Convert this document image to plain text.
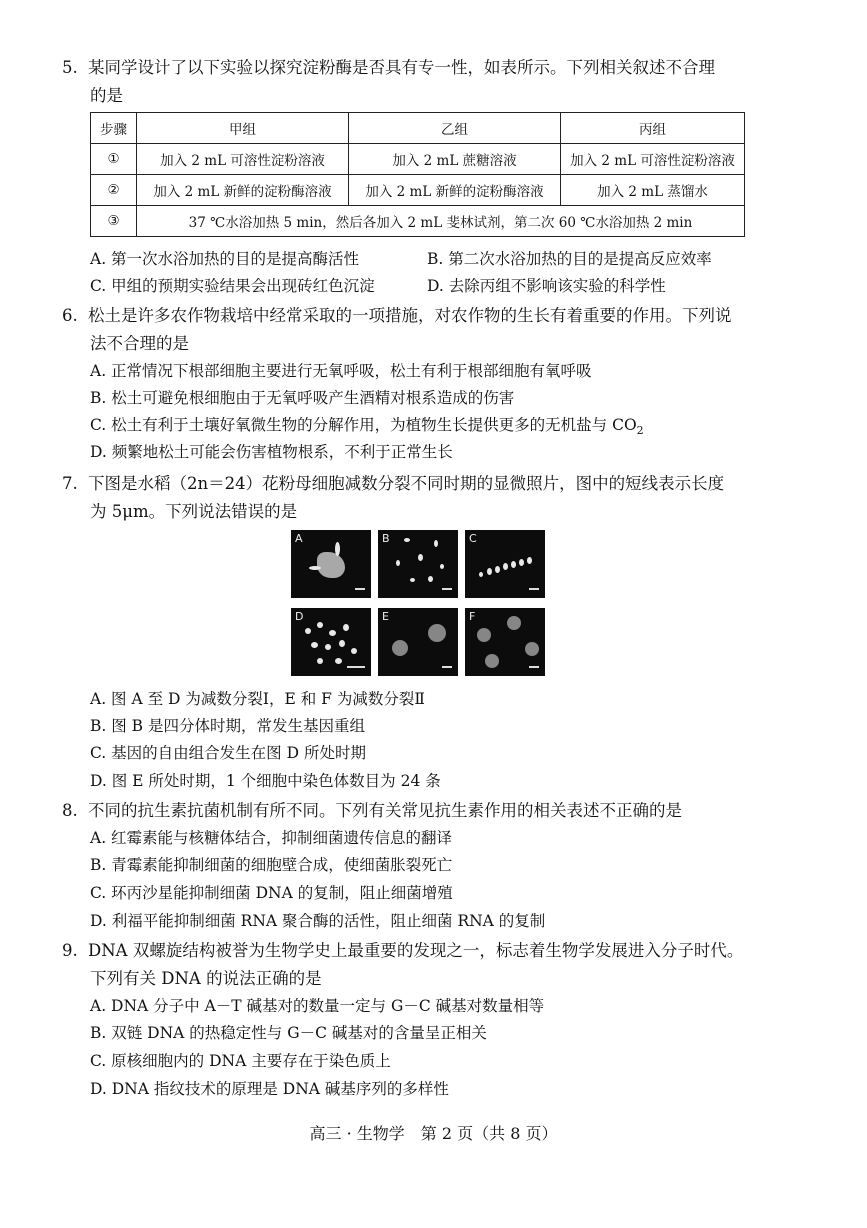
5. 某同学设计了以下实验以探究淀粉酶是否具有专一性，如表所示。下列相关叙述不合理
的是
步骤	甲组	乙组	丙组
①	加入 2 mL 可溶性淀粉溶液	加入 2 mL 蔗糖溶液	加入 2 mL 可溶性淀粉溶液
②	加入 2 mL 新鲜的淀粉酶溶液	加入 2 mL 新鲜的淀粉酶溶液	加入 2 mL 蒸馏水
③	37 ℃水浴加热 5 min，然后各加入 2 mL 斐林试剂，第二次 60 ℃水浴加热 2 min		
A. 第一次水浴加热的目的是提高酶活性	B. 第二次水浴加热的目的是提高反应效率
C. 甲组的预期实验结果会出现砖红色沉淀	D. 去除丙组不影响该实验的科学性
6. 松土是许多农作物栽培中经常采取的一项措施，对农作物的生长有着重要的作用。下列说
法不合理的是
A. 正常情况下根部细胞主要进行无氧呼吸，松土有利于根部细胞有氧呼吸
B. 松土可避免根细胞由于无氧呼吸产生酒精对根系造成的伤害
C. 松土有利于土壤好氧微生物的分解作用，为植物生长提供更多的无机盐与 $CO_2$
D. 频繁地松土可能会伤害植物根系，不利于正常生长
7. 下图是水稻（2n＝24）花粉母细胞减数分裂不同时期的显微照片，图中的短线表示长度
为 5μm。下列说法错误的是
A	B	C
D	E	F
A. 图 A 至 D 为减数分裂Ⅰ，E 和 F 为减数分裂Ⅱ
B. 图 B 是四分体时期，常发生基因重组
C. 基因的自由组合发生在图 D 所处时期
D. 图 E 所处时期，1 个细胞中染色体数目为 24 条
8. 不同的抗生素抗菌机制有所不同。下列有关常见抗生素作用的相关表述不正确的是
A. 红霉素能与核糖体结合，抑制细菌遗传信息的翻译
B. 青霉素能抑制细菌的细胞壁合成，使细菌胀裂死亡
C. 环丙沙星能抑制细菌 DNA 的复制，阻止细菌增殖
D. 利福平能抑制细菌 RNA 聚合酶的活性，阻止细菌 RNA 的复制
9. DNA 双螺旋结构被誉为生物学史上最重要的发现之一，标志着生物学发展进入分子时代。
下列有关 DNA 的说法正确的是
A. DNA 分子中 A－T 碱基对的数量一定与 G－C 碱基对数量相等
B. 双链 DNA 的热稳定性与 G－C 碱基对的含量呈正相关
C. 原核细胞内的 DNA 主要存在于染色质上
D. DNA 指纹技术的原理是 DNA 碱基序列的多样性
高三 · 生物学　第 2 页（共 8 页）
